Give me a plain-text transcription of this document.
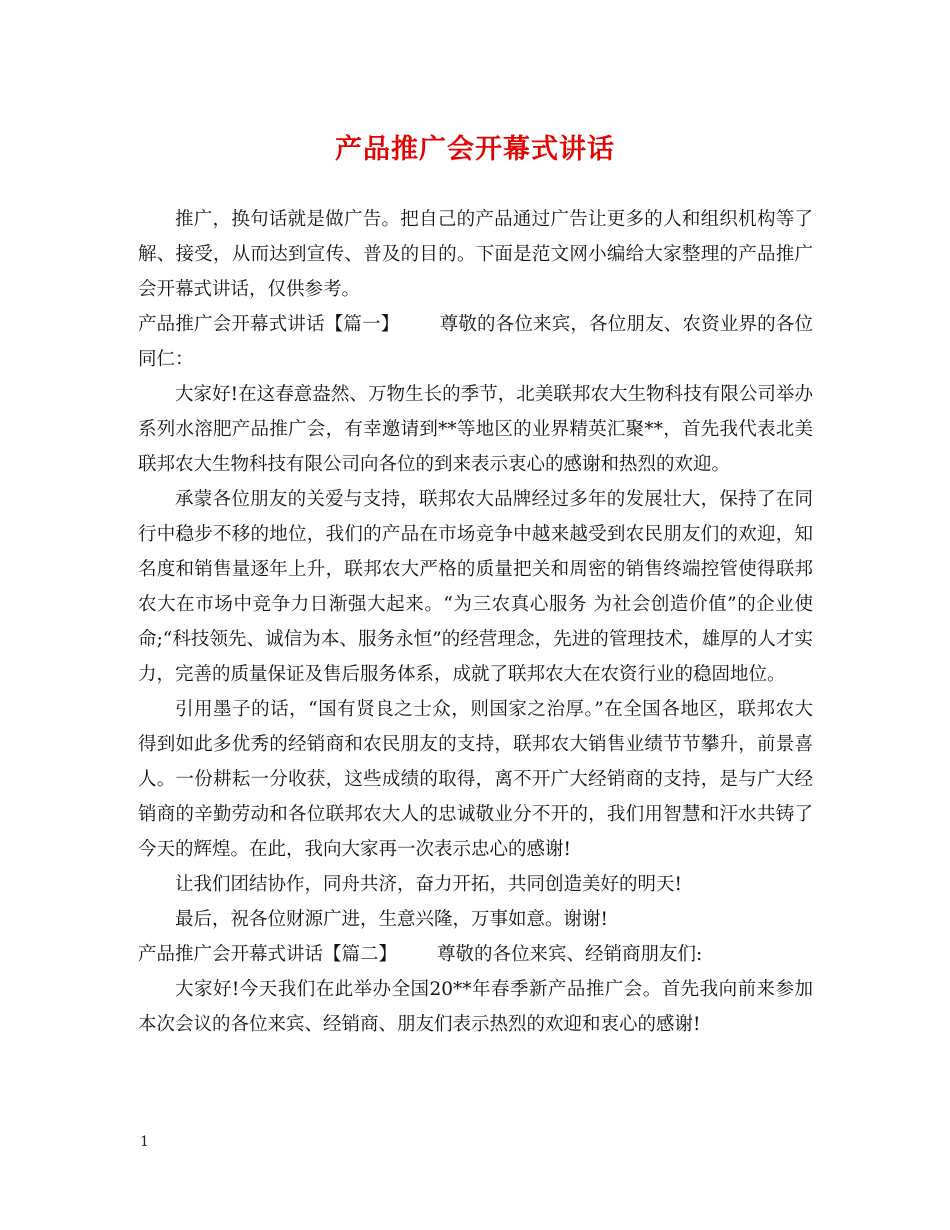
产品推广会开幕式讲话

推广，换句话就是做广告。把自己的产品通过广告让更多的人和组织机构等了解、接受，从而达到宣传、普及的目的。下面是范文网小编给大家整理的产品推广会开幕式讲话，仅供参考。

产品推广会开幕式讲话【篇一】 尊敬的各位来宾，各位朋友、农资业界的各位同仁：

大家好!在这春意盎然、万物生长的季节，北美联邦农大生物科技有限公司举办系列水溶肥产品推广会，有幸邀请到**等地区的业界精英汇聚**，首先我代表北美联邦农大生物科技有限公司向各位的到来表示衷心的感谢和热烈的欢迎。

承蒙各位朋友的关爱与支持，联邦农大品牌经过多年的发展壮大，保持了在同行中稳步不移的地位，我们的产品在市场竞争中越来越受到农民朋友们的欢迎，知名度和销售量逐年上升，联邦农大严格的质量把关和周密的销售终端控管使得联邦农大在市场中竞争力日渐强大起来。“为三农真心服务 为社会创造价值”的企业使命;“科技领先、诚信为本、服务永恒”的经营理念，先进的管理技术，雄厚的人才实力，完善的质量保证及售后服务体系，成就了联邦农大在农资行业的稳固地位。

引用墨子的话，“国有贤良之士众，则国家之治厚。”在全国各地区，联邦农大得到如此多优秀的经销商和农民朋友的支持，联邦农大销售业绩节节攀升，前景喜人。一份耕耘一分收获，这些成绩的取得，离不开广大经销商的支持，是与广大经销商的辛勤劳动和各位联邦农大人的忠诚敬业分不开的，我们用智慧和汗水共铸了今天的辉煌。在此，我向大家再一次表示忠心的感谢!

让我们团结协作，同舟共济，奋力开拓，共同创造美好的明天!

最后，祝各位财源广进，生意兴隆，万事如意。谢谢!

产品推广会开幕式讲话【篇二】 尊敬的各位来宾、经销商朋友们:

大家好!今天我们在此举办全国20**年春季新产品推广会。首先我向前来参加本次会议的各位来宾、经销商、朋友们表示热烈的欢迎和衷心的感谢!

1
